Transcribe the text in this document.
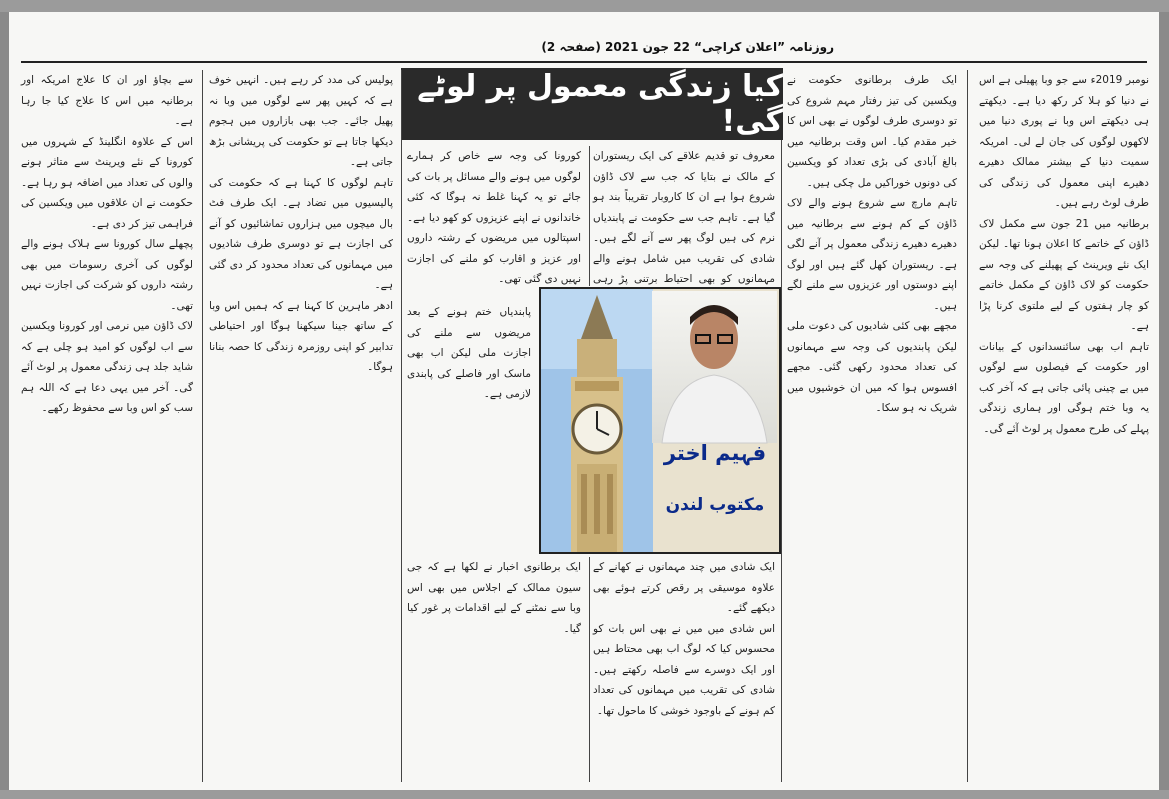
روزنامہ ”اعلان کراچی“ 22 جون 2021 (صفحہ 2)

نومبر 2019ء سے جو وبا پھیلی ہے اس نے دنیا کو ہلا کر رکھ دیا ہے۔ دیکھتے ہی دیکھتے اس وبا نے پوری دنیا میں لاکھوں لوگوں کی جان لے لی۔ امریکہ سمیت دنیا کے بیشتر ممالک دھیرے دھیرے اپنی معمول کی زندگی کی طرف لوٹ رہے ہیں۔

برطانیہ میں 21 جون سے مکمل لاک ڈاؤن کے خاتمے کا اعلان ہونا تھا۔ لیکن ایک نئے ویرینٹ کے پھیلنے کی وجہ سے حکومت کو لاک ڈاؤن کے مکمل خاتمے کو چار ہفتوں کے لیے ملتوی کرنا پڑا ہے۔

تاہم اب بھی سائنسدانوں کے بیانات اور حکومت کے فیصلوں سے لوگوں میں بے چینی پائی جاتی ہے کہ آخر کب یہ وبا ختم ہوگی اور ہماری زندگی پہلے کی طرح معمول پر لوٹ آئے گی۔

ایک طرف برطانوی حکومت نے ویکسین کی تیز رفتار مہم شروع کی تو دوسری طرف لوگوں نے بھی اس کا خیر مقدم کیا۔ اس وقت برطانیہ میں بالغ آبادی کی بڑی تعداد کو ویکسین کی دونوں خوراکیں مل چکی ہیں۔

تاہم مارچ سے شروع ہونے والے لاک ڈاؤن کے کم ہونے سے برطانیہ میں دھیرے دھیرے زندگی معمول پر آنے لگی ہے۔ ریستوران کھل گئے ہیں اور لوگ اپنے دوستوں اور عزیزوں سے ملنے لگے ہیں۔

مجھے بھی کئی شادیوں کی دعوت ملی لیکن پابندیوں کی وجہ سے مہمانوں کی تعداد محدود رکھی گئی۔ مجھے افسوس ہوا کہ میں ان خوشیوں میں شریک نہ ہو سکا۔

کیا زندگی معمول پر لوٹے گی!

معروف تو قدیم علاقے کی ایک ریستوران کے مالک نے بتایا کہ جب سے لاک ڈاؤن شروع ہوا ہے ان کا کاروبار تقریباً بند ہو گیا ہے۔ تاہم جب سے حکومت نے پابندیاں نرم کی ہیں لوگ پھر سے آنے لگے ہیں۔ شادی کی تقریب میں شامل ہونے والے مہمانوں کو بھی احتیاط برتنی پڑ رہی

ایک شادی میں چند مہمانوں نے کھانے کے علاوہ موسیقی پر رقص کرتے ہوئے بھی دیکھے گئے۔

اس شادی میں میں نے بھی اس بات کو محسوس کیا کہ لوگ اب بھی محتاط ہیں اور ایک دوسرے سے فاصلہ رکھتے ہیں۔ شادی کی تقریب میں مہمانوں کی تعداد کم ہونے کے باوجود خوشی کا ماحول تھا۔

کورونا کی وجہ سے خاص کر ہمارے لوگوں میں ہونے والے مسائل پر بات کی جائے تو یہ کہنا غلط نہ ہوگا کہ کئی خاندانوں نے اپنے عزیزوں کو کھو دیا ہے۔ اسپتالوں میں مریضوں کے رشتہ داروں اور عزیز و اقارب کو ملنے کی اجازت نہیں دی گئی تھی۔

پابندیاں ختم ہونے کے بعد مریضوں سے ملنے کی اجازت ملی لیکن اب بھی ماسک اور فاصلے کی پابندی لازمی ہے۔

ایک برطانوی اخبار نے لکھا ہے کہ جی سیون ممالک کے اجلاس میں بھی اس وبا سے نمٹنے کے لیے اقدامات پر غور کیا گیا۔

پولیس کی مدد کر رہے ہیں۔ انہیں خوف ہے کہ کہیں پھر سے لوگوں میں وبا نہ پھیل جائے۔ جب بھی بازاروں میں ہجوم دیکھا جاتا ہے تو حکومت کی پریشانی بڑھ جاتی ہے۔

تاہم لوگوں کا کہنا ہے کہ حکومت کی پالیسیوں میں تضاد ہے۔ ایک طرف فٹ بال میچوں میں ہزاروں تماشائیوں کو آنے کی اجازت ہے تو دوسری طرف شادیوں میں مہمانوں کی تعداد محدود کر دی گئی ہے۔

ادھر ماہرین کا کہنا ہے کہ ہمیں اس وبا کے ساتھ جینا سیکھنا ہوگا اور احتیاطی تدابیر کو اپنی روزمرہ زندگی کا حصہ بنانا ہوگا۔

سے بچاؤ اور ان کا علاج امریکہ اور برطانیہ میں اس کا علاج کیا جا رہا ہے۔

اس کے علاوہ انگلینڈ کے شہروں میں کورونا کے نئے ویرینٹ سے متاثر ہونے والوں کی تعداد میں اضافہ ہو رہا ہے۔ حکومت نے ان علاقوں میں ویکسین کی فراہمی تیز کر دی ہے۔

پچھلے سال کورونا سے ہلاک ہونے والے لوگوں کی آخری رسومات میں بھی رشتہ داروں کو شرکت کی اجازت نہیں تھی۔

لاک ڈاؤن میں نرمی اور کورونا ویکسین سے اب لوگوں کو امید ہو چلی ہے کہ شاید جلد ہی زندگی معمول پر لوٹ آئے گی۔ آخر میں یہی دعا ہے کہ اللہ ہم سب کو اس وبا سے محفوظ رکھے۔

فہیم اختر
مکتوب لندن
